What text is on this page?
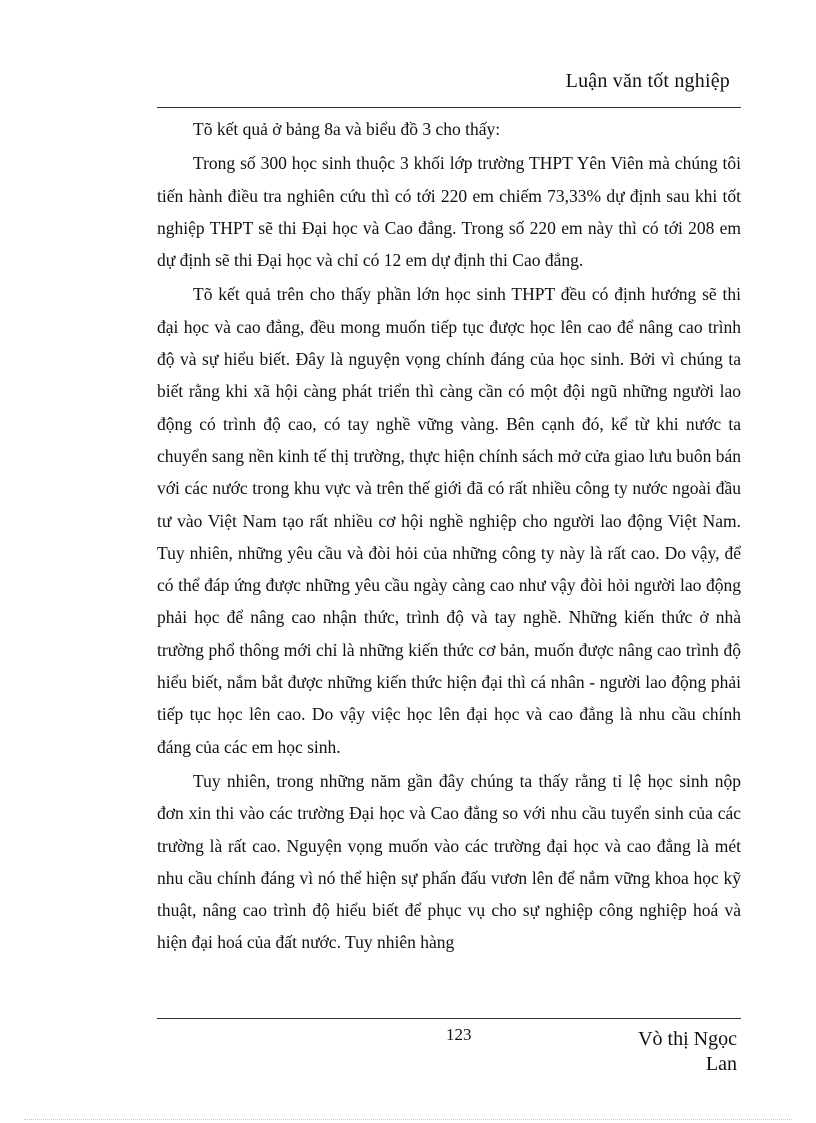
Luận văn tốt nghiệp

Tõ kết quả ở bảng 8a và biểu đồ 3 cho thấy:

Trong số 300 học sinh thuộc 3 khối lớp trường THPT Yên Viên mà chúng tôi tiến hành điều tra nghiên cứu thì có tới 220 em chiếm 73,33% dự định sau khi tốt nghiệp THPT sẽ thi Đại học và Cao đẳng. Trong số 220 em này thì có tới 208 em dự định sẽ thi Đại học và chỉ có 12 em dự định thi Cao đẳng.

Tõ kết quả trên cho thấy phần lớn học sinh THPT đều có định hướng sẽ thi đại học và cao đẳng, đều mong muốn tiếp tục được học lên cao để nâng cao trình độ và sự hiểu biết. Đây là nguyện vọng chính đáng của học sinh. Bởi vì chúng ta biết rằng khi xã hội càng phát triển thì càng cần có một đội ngũ những người lao động có trình độ cao, có tay nghề vững vàng. Bên cạnh đó, kể từ khi nước ta chuyển sang nền kinh tế thị trường, thực hiện chính sách mở cửa giao lưu buôn bán với các nước trong khu vực và trên thế giới đã có rất nhiều công ty nước ngoài đầu tư vào Việt Nam tạo rất nhiều cơ hội nghề nghiệp cho người lao động Việt Nam. Tuy nhiên, những yêu cầu và đòi hỏi của những công ty này là rất cao. Do vậy, để có thể đáp ứng được những yêu cầu ngày càng cao như vậy đòi hỏi người lao động phải học để nâng cao nhận thức, trình độ và tay nghề. Những kiến thức ở nhà trường phổ thông mới chỉ là những kiến thức cơ bản, muốn được nâng cao trình độ hiểu biết, nắm bắt được những kiến thức hiện đại thì cá nhân - người lao động phải tiếp tục học lên cao. Do vậy việc học lên đại học và cao đẳng là nhu cầu chính đáng của các em học sinh.

Tuy nhiên, trong những năm gần đây chúng ta thấy rằng tỉ lệ học sinh nộp đơn xin thi vào các trường Đại học và Cao đẳng so với nhu cầu tuyển sinh của các trường là rất cao. Nguyện vọng muốn vào các trường đại học và cao đẳng là mét nhu cầu chính đáng vì nó thể hiện sự phấn đấu vươn lên để nắm vững khoa học kỹ thuật, nâng cao trình độ hiểu biết để phục vụ cho sự nghiệp công nghiệp hoá và hiện đại hoá của đất nước. Tuy nhiên hàng

123	Vò thị Ngọc
Lan
